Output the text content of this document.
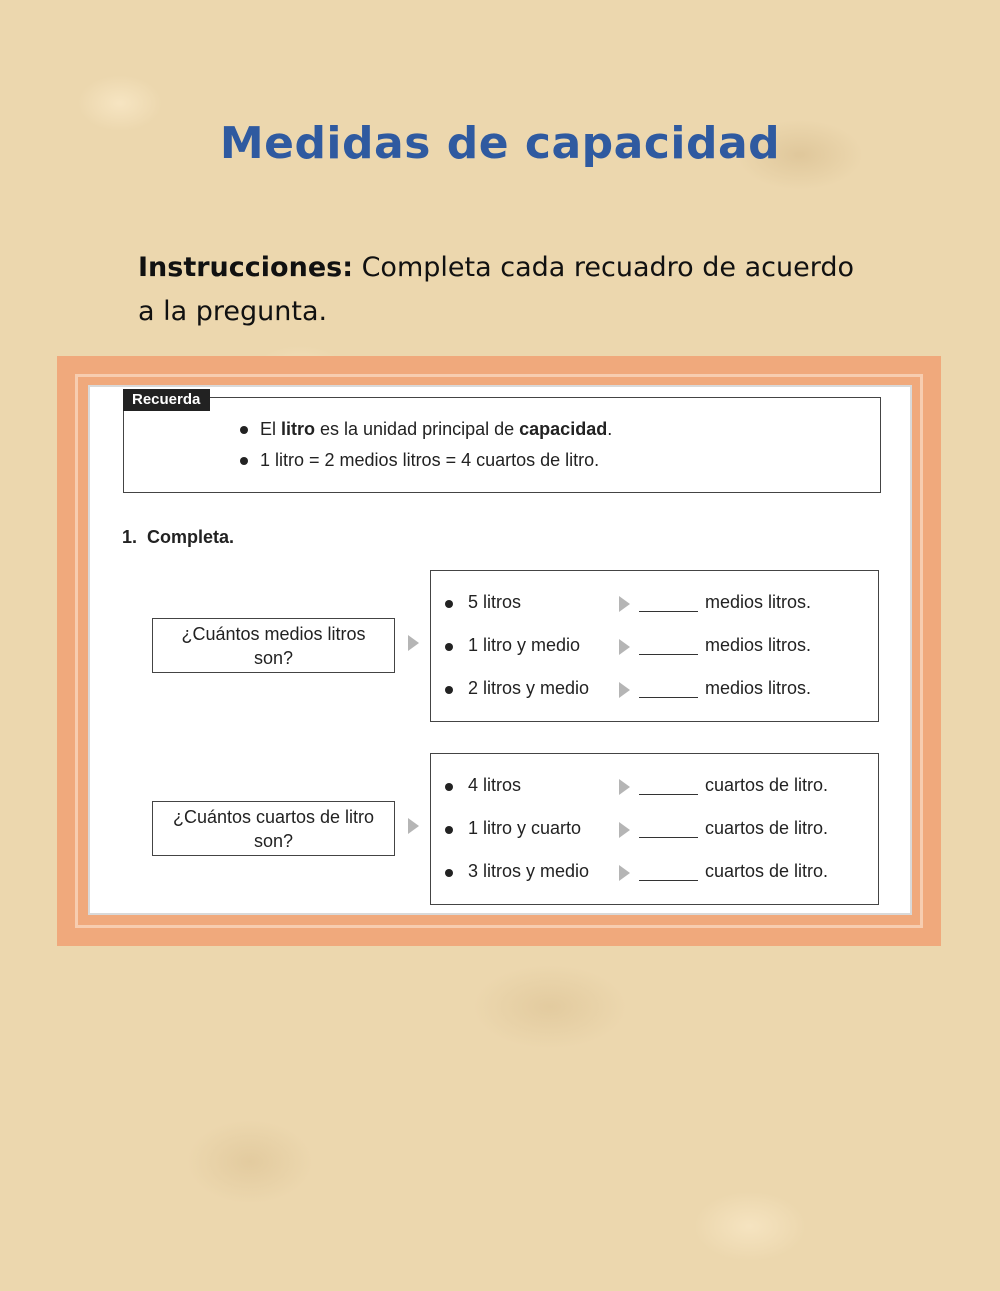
Medidas de capacidad

Instrucciones: Completa cada recuadro de acuerdo a la pregunta.

El litro es la unidad principal de capacidad .
1 litro = 2 medios litros = 4 cuartos de litro.
Recuerda
1. Completa.
¿Cuántos medios litros son?
5 litros	medios litros.
1 litro y medio	medios litros.
2 litros y medio	medios litros.
¿Cuántos cuartos de litro son?
4 litros	cuartos de litro.
1 litro y cuarto	cuartos de litro.
3 litros y medio	cuartos de litro.
